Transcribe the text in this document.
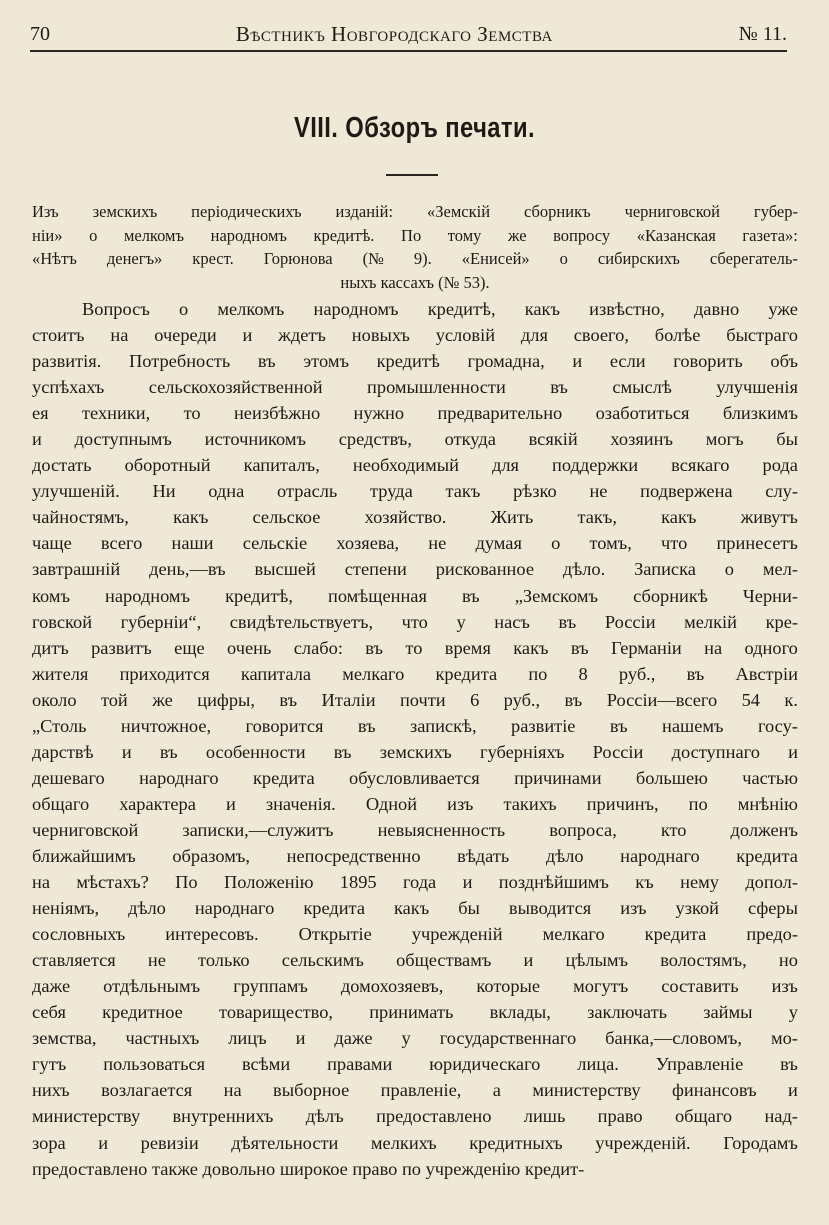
70	Вѣстникъ Новгородскаго Земства	№ 11.
VIII. Обзоръ печати.
Изъ земскихъ періодическихъ изданій: «Земскій сборникъ черниговской губер-
ніи» о мелкомъ народномъ кредитѣ. По тому же вопросу «Казанская газета»:
«Нѣтъ денегъ» крест. Горюнова (№ 9). «Енисей» о сибирскихъ сберегатель-
ныхъ кассахъ (№ 53).
Вопросъ о мелкомъ народномъ кредитѣ, какъ извѣстно, давно уже
стоитъ на очереди и ждетъ новыхъ условій для своего, болѣе быстраго
развитія. Потребность въ этомъ кредитѣ громадна, и если говорить объ
успѣхахъ сельскохозяйственной промышленности въ смыслѣ улучшенія
ея техники, то неизбѣжно нужно предварительно озаботиться близкимъ
и доступнымъ источникомъ средствъ, откуда всякій хозяинъ могъ бы
достать оборотный капиталъ, необходимый для поддержки всякаго рода
улучшеній. Ни одна отрасль труда такъ рѣзко не подвержена слу-
чайностямъ, какъ сельское хозяйство. Жить такъ, какъ живутъ
чаще всего наши сельскіе хозяева, не думая о томъ, что принесетъ
завтрашній день,—въ высшей степени рискованное дѣло. Записка о мел-
комъ народномъ кредитѣ, помѣщенная въ „Земскомъ сборникѣ Черни-
говской губерніи“, свидѣтельствуетъ, что у насъ въ Россіи мелкій кре-
дитъ развитъ еще очень слабо: въ то время какъ въ Германіи на одного
жителя приходится капитала мелкаго кредита по 8 руб., въ Австріи
около той же цифры, въ Италіи почти 6 руб., въ Россіи—всего 54 к.
„Столь ничтожное, говорится въ запискѣ, развитіе въ нашемъ госу-
дарствѣ и въ особенности въ земскихъ губерніяхъ Россіи доступнаго и
дешеваго народнаго кредита обусловливается причинами большею частью
общаго характера и значенія. Одной изъ такихъ причинъ, по мнѣнію
черниговской записки,—служитъ невыясненность вопроса, кто долженъ
ближайшимъ образомъ, непосредственно вѣдать дѣло народнаго кредита
на мѣстахъ? По Положенію 1895 года и позднѣйшимъ къ нему допол-
неніямъ, дѣло народнаго кредита какъ бы выводится изъ узкой сферы
сословныхъ интересовъ. Открытіе учрежденій мелкаго кредита предо-
ставляется не только сельскимъ обществамъ и цѣлымъ волостямъ, но
даже отдѣльнымъ группамъ домохозяевъ, которые могутъ составить изъ
себя кредитное товарищество, принимать вклады, заключать займы у
земства, частныхъ лицъ и даже у государственнаго банка,—словомъ, мо-
гутъ пользоваться всѣми правами юридическаго лица. Управленіе въ
нихъ возлагается на выборное правленіе, а министерству финансовъ и
министерству внутреннихъ дѣлъ предоставлено лишь право общаго над-
зора и ревизіи дѣятельности мелкихъ кредитныхъ учрежденій. Городамъ
предоставлено также довольно широкое право по учрежденію кредит-
